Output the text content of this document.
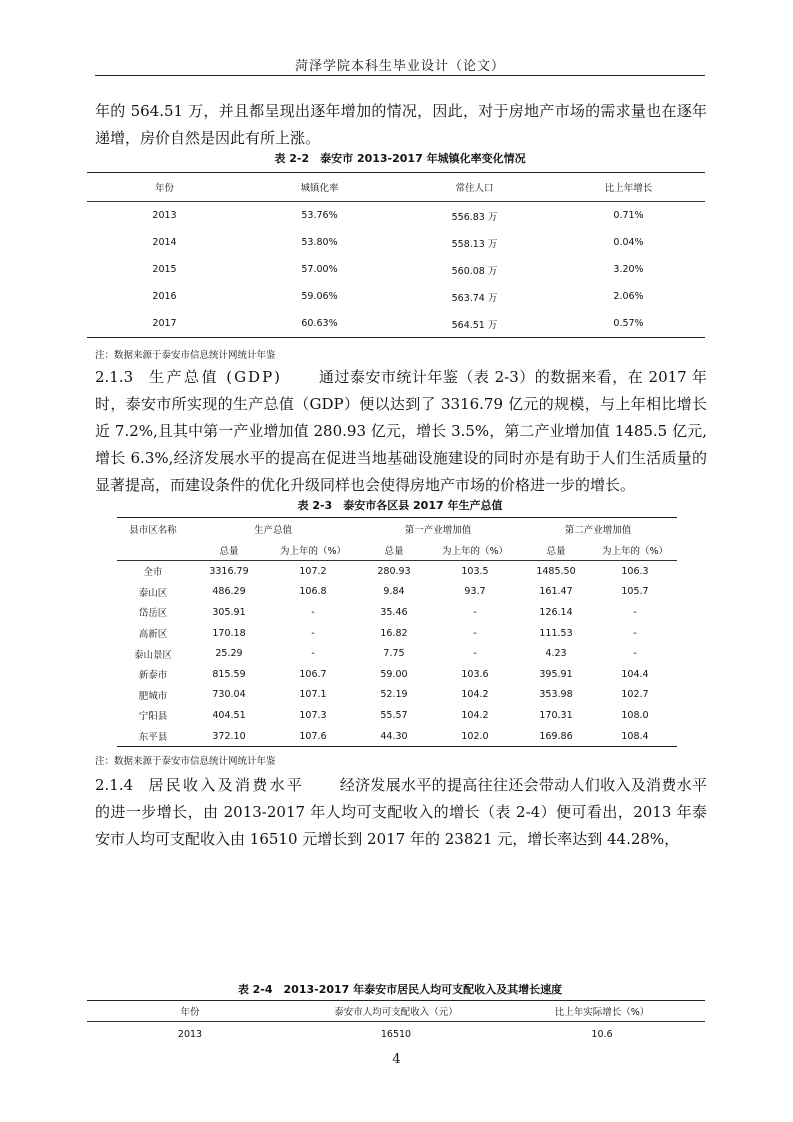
菏泽学院本科生毕业设计（论文）

年的 564.51 万，并且都呈现出逐年增加的情况，因此，对于房地产市场的需求量也在逐年递增，房价自然是因此有所上涨。

表 2-2　泰安市 2013-2017 年城镇化率变化情况
年份	城镇化率	常住人口	比上年增长
2013	53.76%	556.83 万	0.71%
2014	53.80%	558.13 万	0.04%
2015	57.00%	560.08 万	3.20%
2016	59.06%	563.74 万	2.06%
2017	60.63%	564.51 万	0.57%
注：数据来源于泰安市信息统计网统计年鉴

2.1.3 生产总值 (GDP) 通过泰安市统计年鉴（表 2-3）的数据来看，在 2017 年时，泰安市所实现的生产总值（GDP）便以达到了 3316.79 亿元的规模，与上年相比增长近 7.2%,且其中第一产业增加值 280.93 亿元，增长 3.5%，第二产业增加值 1485.5 亿元,增长 6.3%,经济发展水平的提高在促进当地基础设施建设的同时亦是有助于人们生活质量的显著提高，而建设条件的优化升级同样也会使得房地产市场的价格进一步的增长。

表 2-3　泰安市各区县 2017 年生产总值
县市区名称	生产总值		第一产业增加值		第二产业增加值	
	总量	为上年的（%）	总量	为上年的（%）	总量	为上年的（%）
全市	3316.79	107.2	280.93	103.5	1485.50	106.3
泰山区	486.29	106.8	9.84	93.7	161.47	105.7
岱岳区	305.91	-	35.46	-	126.14	-
高新区	170.18	-	16.82	-	111.53	-
泰山景区	25.29	-	7.75	-	4.23	-
新泰市	815.59	106.7	59.00	103.6	395.91	104.4
肥城市	730.04	107.1	52.19	104.2	353.98	102.7
宁阳县	404.51	107.3	55.57	104.2	170.31	108.0
东平县	372.10	107.6	44.30	102.0	169.86	108.4
注：数据来源于泰安市信息统计网统计年鉴

2.1.4 居民收入及消费水平 经济发展水平的提高往往还会带动人们收入及消费水平的进一步增长，由 2013-2017 年人均可支配收入的增长（表 2-4）便可看出，2013 年泰安市人均可支配收入由 16510 元增长到 2017 年的 23821 元，增长率达到 44.28%，

表 2-4　2013-2017 年泰安市居民人均可支配收入及其增长速度
年份	泰安市人均可支配收入（元）	比上年实际增长（%）
2013	16510	10.6
4
